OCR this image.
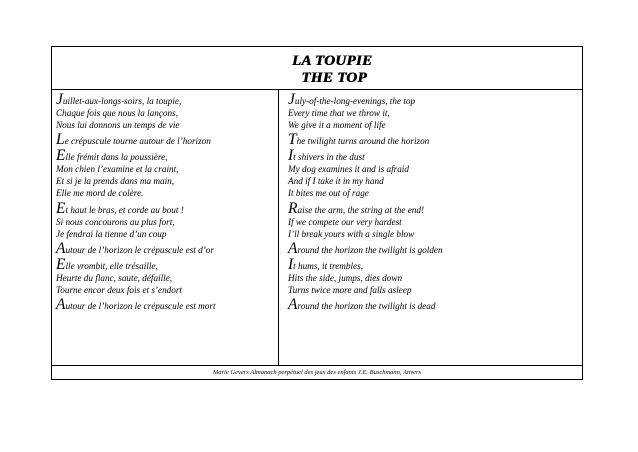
LA TOUPIE
THE TOP
Juillet-aux-longs-soirs, la toupie,
Chaque fois que nous la lançons,
Nous lui donnons un temps de vie
Le crépuscule tourne autour de l’horizon
Elle frémit dans la poussière,
Mon chien l’examine et la craint,
Et si je la prends dans ma main,
Elle me mord de colère.
Et haut le bras, et corde au bout !
Si nous concourons au plus fort,
Je fendrai la tienne d’un coup
Autour de l’horizon le crépuscule est d’or
Elle vrombit, elle trésaille,
Heurte du flanc, saute, défaille,
Tourne encor deux fois et s’endort
Autour de l’horizon le crépuscule est mort
July-of-the-long-evenings, the top
Every time that we throw it,
We give it a moment of life
The twilight turns around the horizon
It shivers in the dust
My dog examines it and is afraid
And if I take it in my hand
It bites me out of rage
Raise the arm, the string at the end!
If we compete our very hardest
I’ll break yours with a single blow
Around the horizon the twilight is golden
It hums, it trembles,
Hits the side, jumps, dies down
Turns twice more and falls asleep
Around the horizon the twilight is dead
Marie Gevers Almanach perpétuel des jeux des enfants J.E. Buschmann, Anvers
